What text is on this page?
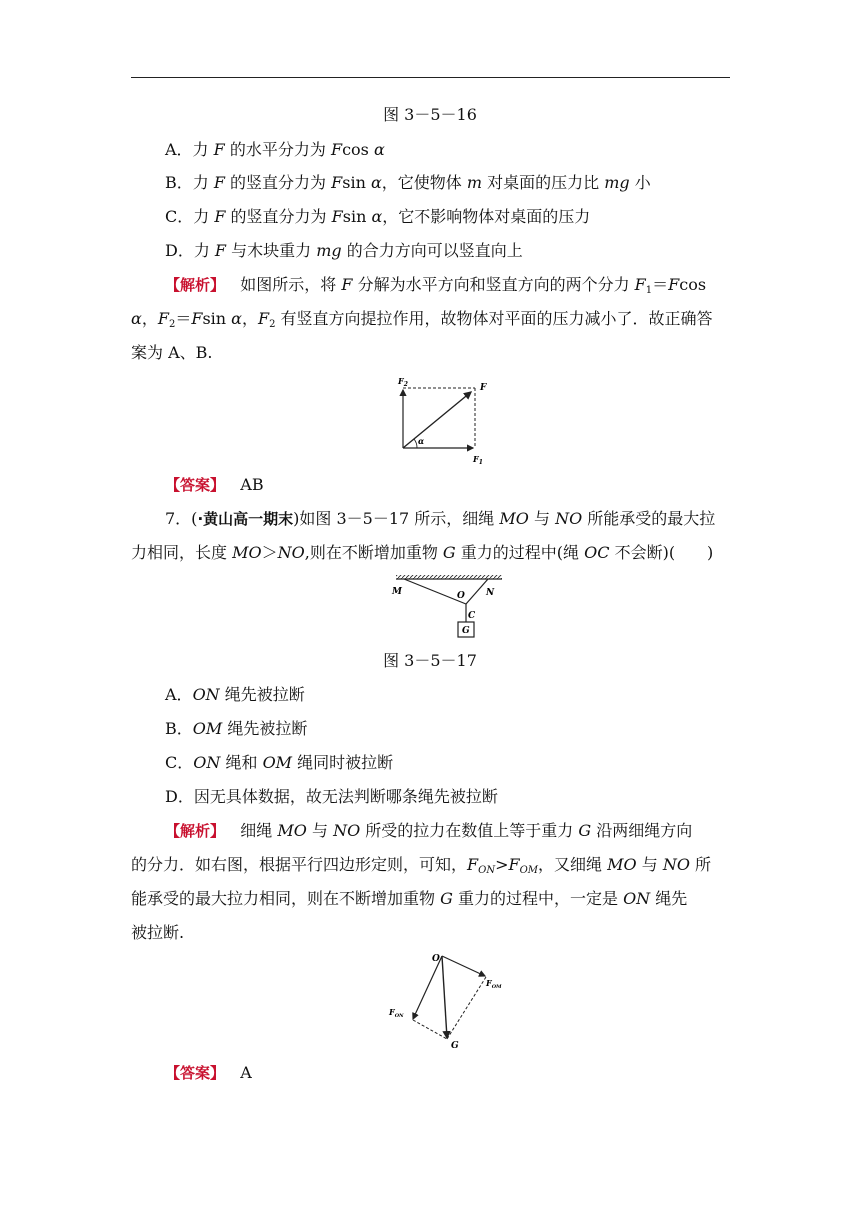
图 3－5－16
A．力 F 的水平分力为 Fcos α
B．力 F 的竖直分力为 Fsin α，它使物体 m 对桌面的压力比 mg 小
C．力 F 的竖直分力为 Fsin α，它不影响物体对桌面的压力
D．力 F 与木块重力 mg 的合力方向可以竖直向上
【解析】 如图所示，将 F 分解为水平方向和竖直方向的两个分力 $F_1=Fcos$
α，$F_2=Fsin$ α，$F_2$ 有竖直方向提拉作用，故物体对平面的压力减小了．故正确答
案为 A、B.
$F_2$	F
$F_1$
α
【答案】 AB
7．(·黄山高一期末)如图 3－5－17 所示，细绳 MO 与 NO 所能承受的最大拉
力相同，长度 MO＞NO,则在不断增加重物 G 重力的过程中(绳 OC 不会断)(　　)
M	O N
C
G
图 3－5－17
A．ON 绳先被拉断
B．OM 绳先被拉断
C．ON 绳和 OM 绳同时被拉断
D．因无具体数据，故无法判断哪条绳先被拉断
【解析】 细绳 MO 与 NO 所受的拉力在数值上等于重力 G 沿两细绳方向
的分力．如右图，根据平行四边形定则，可知，$F_{ON}>F_{OM}$，又细绳 MO 与 NO 所
能承受的最大拉力相同，则在不断增加重物 G 重力的过程中，一定是 ON 绳先
被拉断.
O
$F_{OM}$
$F_{ON}$
G
【答案】 A
